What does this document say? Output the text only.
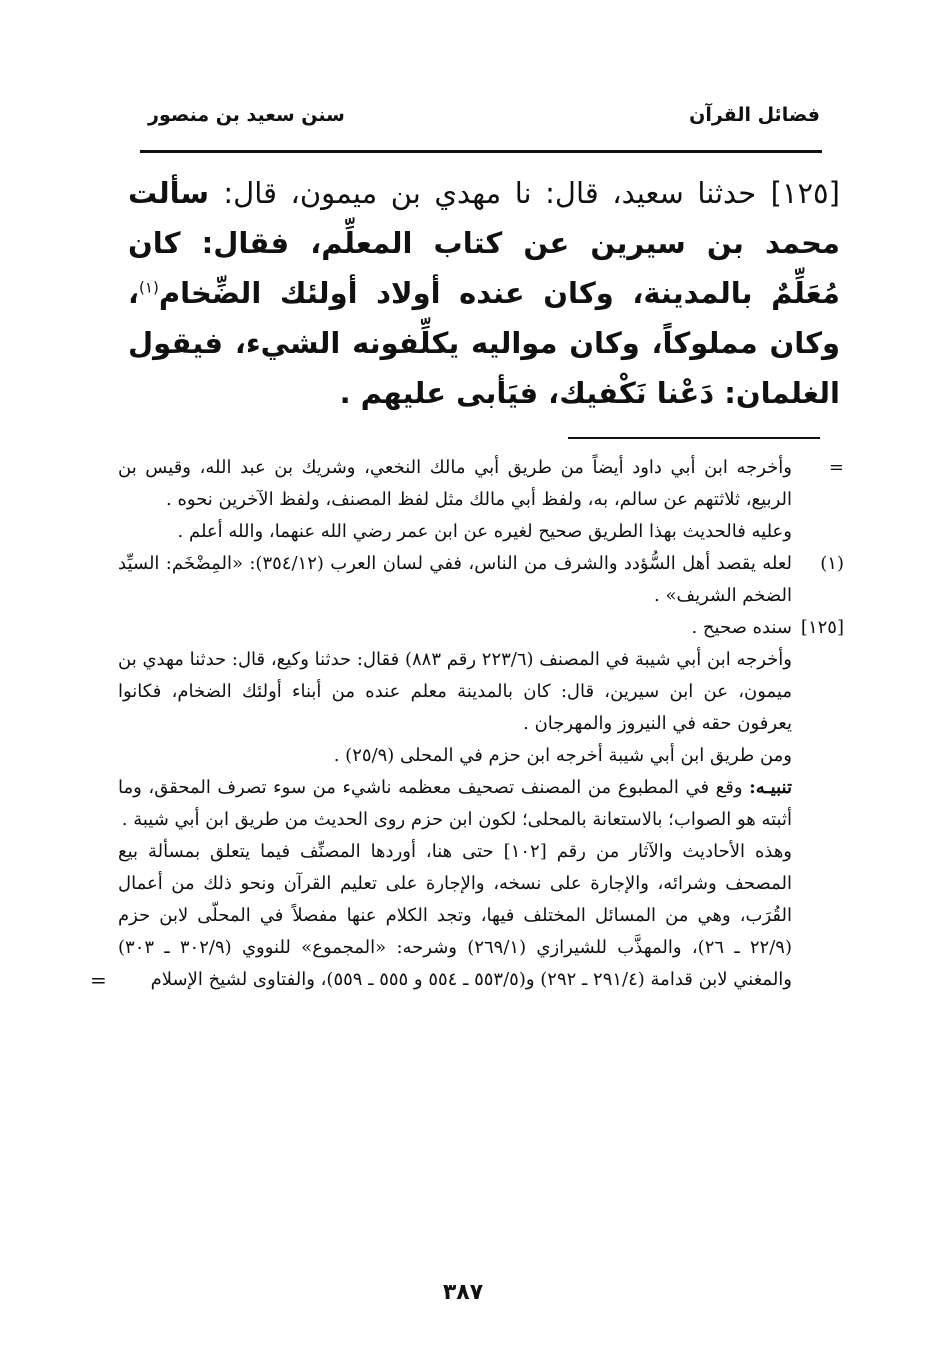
فضائل القرآن
سنن سعيد بن منصور
[١٢٥] حدثنا سعيد، قال: نا مهدي بن ميمون، قال: سألت محمد بن سيرين عن كتاب المعلِّم، فقال: كان مُعَلِّمٌ بالمدينة، وكان عنده أولاد أولئك الضِّخام$^{(١)}$، وكان مملوكاً، وكان مواليه يكلِّفونه الشيء، فيقول الغلمان: دَعْنا نَكْفيك، فيَأبى عليهم .
=

وأخرجه ابن أبي داود أيضاً من طريق أبي مالك النخعي، وشريك بن عبد الله، وقيس بن الربيع، ثلاثتهم عن سالم، به، ولفظ أبي مالك مثل لفظ المصنف، ولفظ الآخرين نحوه .

وعليه فالحديث بهذا الطريق صحيح لغيره عن ابن عمر رضي الله عنهما، والله أعلم .

(١)

لعله يقصد أهل السُّؤدد والشرف من الناس، ففي لسان العرب (٣٥٤/١٢): «المِضْخَم: السيِّد الضخم الشريف» .

[١٢٥]

سنده صحيح .

وأخرجه ابن أبي شيبة في المصنف (٢٢٣/٦ رقم ٨٨٣) فقال: حدثنا وكيع، قال: حدثنا مهدي بن ميمون، عن ابن سيرين، قال: كان بالمدينة معلم عنده من أبناء أولئك الضخام، فكانوا يعرفون حقه في النيروز والمهرجان .

ومن طريق ابن أبي شيبة أخرجه ابن حزم في المحلى (٢٥/٩) .

تنبيـه: وقع في المطبوع من المصنف تصحيف معظمه ناشيء من سوء تصرف المحقق، وما أثبته هو الصواب؛ بالاستعانة بالمحلى؛ لكون ابن حزم روى الحديث من طريق ابن أبي شيبة .

وهذه الأحاديث والآثار من رقم [١٠٢] حتى هنا، أوردها المصنِّف فيما يتعلق بمسألة بيع المصحف وشرائه، والإجارة على نسخه، والإجارة على تعليم القرآن ونحو ذلك من أعمال القُرَب، وهي من المسائل المختلف فيها، وتجد الكلام عنها مفصلاً في المحلّى لابن حزم (٢٢/٩ ـ ٢٦)، والمهذَّب للشيرازي (٢٦٩/١) وشرحه: «المجموع» للنووي (٣٠٢/٩ ـ ٣٠٣) والمغني لابن قدامة (٢٩١/٤ ـ ٢٩٢) و(٥٥٣/٥ ـ ٥٥٤ و ٥٥٥ ـ ٥٥٩)، والفتاوى لشيخ الإسلام

=
٣٨٧
